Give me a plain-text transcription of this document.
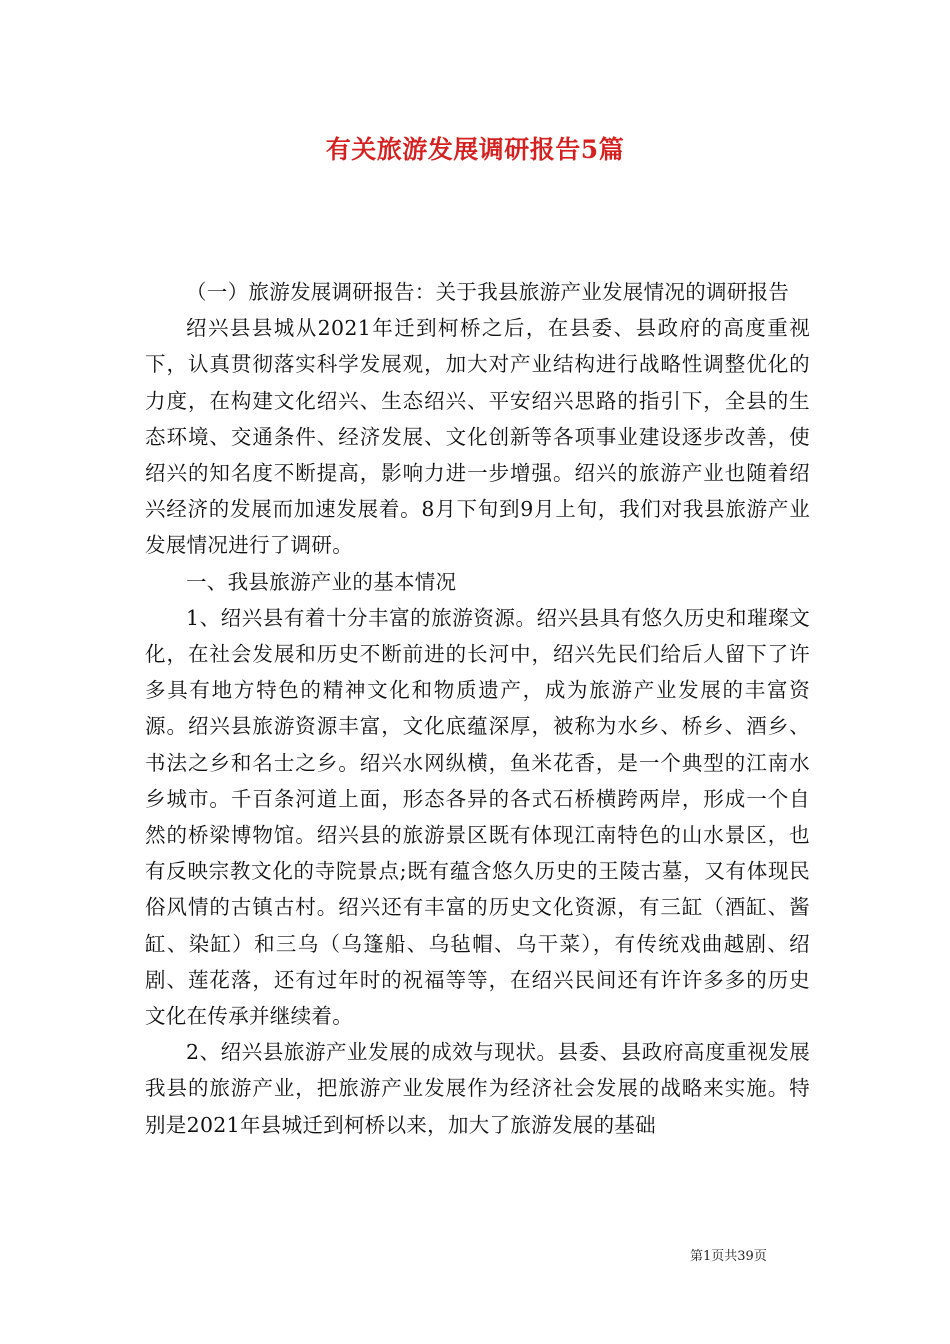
有关旅游发展调研报告5篇

（一）旅游发展调研报告：关于我县旅游产业发展情况的调研报告

绍兴县县城从2021年迁到柯桥之后，在县委、县政府的高度重视下，认真贯彻落实科学发展观，加大对产业结构进行战略性调整优化的力度，在构建文化绍兴、生态绍兴、平安绍兴思路的指引下，全县的生态环境、交通条件、经济发展、文化创新等各项事业建设逐步改善，使绍兴的知名度不断提高，影响力进一步增强。绍兴的旅游产业也随着绍兴经济的发展而加速发展着。8月下旬到9月上旬，我们对我县旅游产业发展情况进行了调研。

一、我县旅游产业的基本情况

1、绍兴县有着十分丰富的旅游资源。绍兴县具有悠久历史和璀璨文化，在社会发展和历史不断前进的长河中，绍兴先民们给后人留下了许多具有地方特色的精神文化和物质遗产，成为旅游产业发展的丰富资源。绍兴县旅游资源丰富，文化底蕴深厚，被称为水乡、桥乡、酒乡、书法之乡和名士之乡。绍兴水网纵横，鱼米花香，是一个典型的江南水乡城市。千百条河道上面，形态各异的各式石桥横跨两岸，形成一个自然的桥梁博物馆。绍兴县的旅游景区既有体现江南特色的山水景区，也有反映宗教文化的寺院景点;既有蕴含悠久历史的王陵古墓，又有体现民俗风情的古镇古村。绍兴还有丰富的历史文化资源，有三缸（酒缸、酱缸、染缸）和三乌（乌篷船、乌毡帽、乌干菜），有传统戏曲越剧、绍剧、莲花落，还有过年时的祝福等等，在绍兴民间还有许许多多的历史文化在传承并继续着。

2、绍兴县旅游产业发展的成效与现状。县委、县政府高度重视发展我县的旅游产业，把旅游产业发展作为经济社会发展的战略来实施。特别是2021年县城迁到柯桥以来，加大了旅游发展的基础

第1页共39页
